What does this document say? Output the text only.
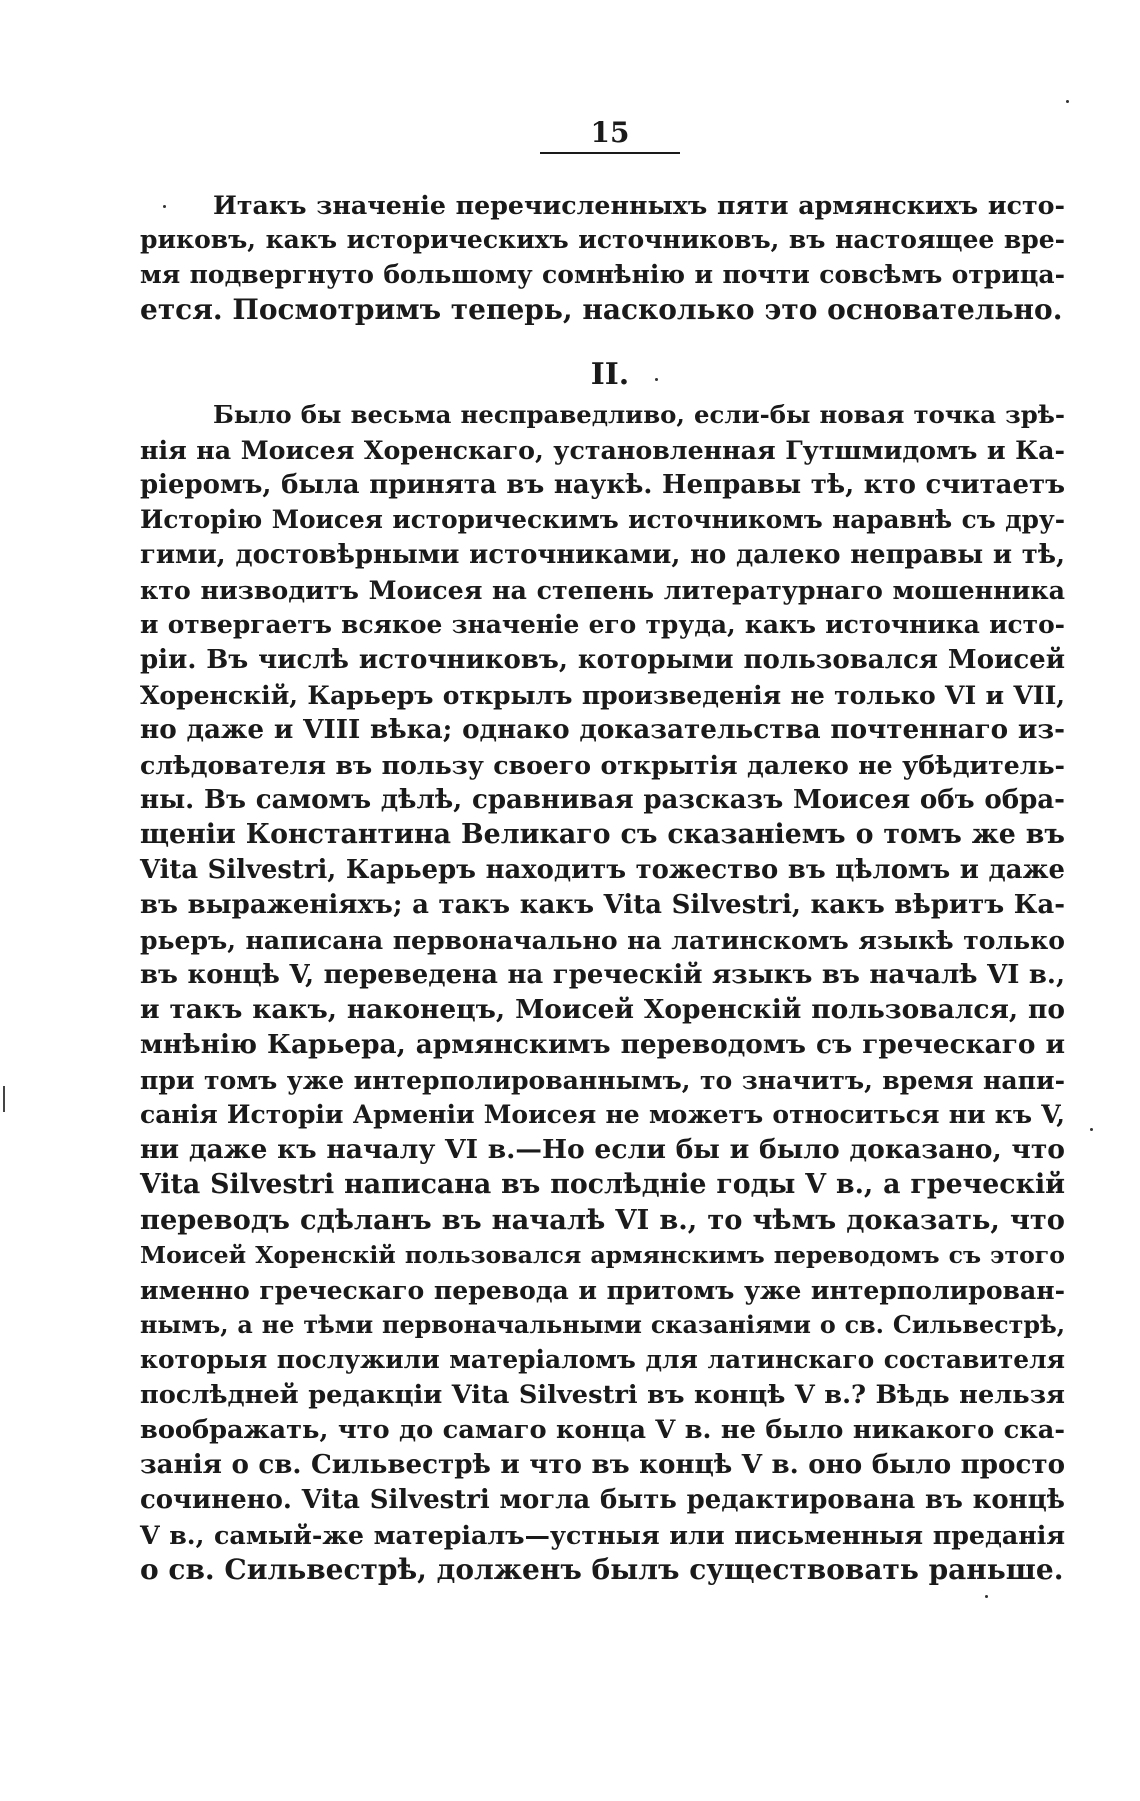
15
Итакъ значеніе перечисленныхъ пяти армянскихъ исто-
риковъ, какъ историческихъ источниковъ, въ настоящее вре-
мя подвергнуто большому сомнѣнію и почти совсѣмъ отрица-
ется. Посмотримъ теперь, насколько это основательно.
II.
Было бы весьма несправедливо, если-бы новая точка зрѣ-
нія на Моисея Хоренскаго, установленная Гутшмидомъ и Ка-
ріеромъ, была принята въ наукѣ. Неправы тѣ, кто считаетъ
Исторію Моисея историческимъ источникомъ наравнѣ съ дру-
гими, достовѣрными источниками, но далеко неправы и тѣ,
кто низводитъ Моисея на степень литературнаго мошенника
и отвергаетъ всякое значеніе его труда, какъ источника исто-
ріи. Въ числѣ источниковъ, которыми пользовался Моисей
Хоренскій, Карьеръ открылъ произведенія не только VI и VII,
но даже и VIII вѣка; однако доказательства почтеннаго из-
слѣдователя въ пользу своего открытія далеко не убѣдитель-
ны. Въ самомъ дѣлѣ, сравнивая разсказъ Моисея объ обра-
щеніи Константина Великаго съ сказаніемъ о томъ же въ
Vita Silvestri, Карьеръ находитъ тожество въ цѣломъ и даже
въ выраженіяхъ; а такъ какъ Vita Silvestri, какъ вѣритъ Ка-
рьеръ, написана первоначально на латинскомъ языкѣ только
въ концѣ V, переведена на греческій языкъ въ началѣ VI в.,
и такъ какъ, наконецъ, Моисей Хоренскій пользовался, по
мнѣнію Карьера, армянскимъ переводомъ съ греческаго и
при томъ уже интерполированнымъ, то значитъ, время напи-
санія Исторіи Арменіи Моисея не можетъ относиться ни къ V,
ни даже къ началу VI в.—Но если бы и было доказано, что
Vita Silvestri написана въ послѣдніе годы V в., а греческій
переводъ сдѣланъ въ началѣ VI в., то чѣмъ доказать, что
Моисей Хоренскій пользовался армянскимъ переводомъ съ этого
именно греческаго перевода и притомъ уже интерполирован-
нымъ, а не тѣми первоначальными сказаніями о св. Сильвестрѣ,
которыя послужили матеріаломъ для латинскаго составителя
послѣдней редакціи Vita Silvestri въ концѣ V в.? Вѣдь нельзя
воображать, что до самаго конца V в. не было никакого ска-
занія о св. Сильвестрѣ и что въ концѣ V в. оно было просто
сочинено. Vita Silvestri могла быть редактирована въ концѣ
V в., самый-же матеріалъ—устныя или письменныя преданія
о св. Сильвестрѣ, долженъ былъ существовать раньше.
